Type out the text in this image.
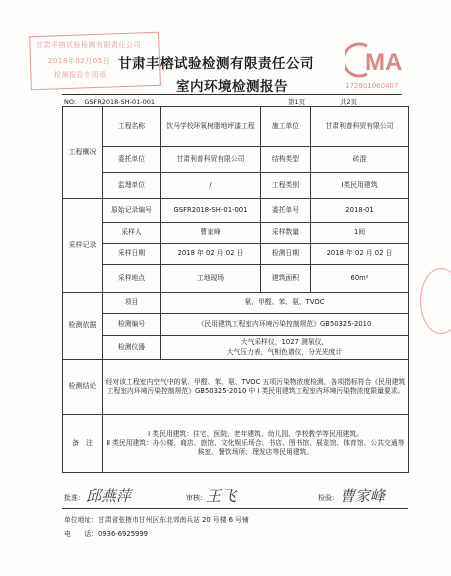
甘肃丰榕试验检测有限责任公司
2018年02月05日
检测报告专用章	MA
172801060407
甘肃丰榕试验检测有限责任公司
室内环境检测报告
NO: GSFR2018-SH-01-001	第1页	共2页
工程概况	工程名称	饮马学校环氧树脂地坪漆工程	施工单位	甘肃利普科贸有限公司
	委托单位	甘肃利普科贸有限公司	结构类型	砖混
	监理单位	/	工程类别	Ⅰ类民用建筑
采样记录	原始记录编号	GSFR2018-SH-01-001	委托单号	2018-01
	采样人	曹家峰	采样数量	1间
	采样日期	2018 年 02 月 02 日	检测日期	2018 年 02 月 02 日
	采样地点	工地现场	建筑面积	60m²
检测依据	项目	氡、甲醛、苯、氨、TVOC		
	检测编号	《民用建筑工程室内环境污染控制规范》GB50325-2010		
	检测仪器	大气采样仪，1027 测氡仪，
大气压力表，气相色谱仪，分光光度计		

检测结论	经对该工程室内空气中的氡、甲醛、苯、氨、TVOC 五项污染物浓度检测，各项指标符合《民用建筑工程室内环境污染控制规范》GB50325-2010 中 Ⅰ 类民用建筑工程室内环境污染物浓度限量要求。			
备　注	Ⅰ 类民用建筑：住宅、医院、老年建筑、幼儿园、学校教学等民用建筑。
Ⅱ 类民用建筑：办公楼、商店、旅馆、文化娱乐场合、书店、图书馆、展览馆、体育馆、公共交通等候室、餐饮场所、理发店等民用建筑。			
批准: 邱燕萍	审核: 王飞	检验: 曹家峰
单位地址：甘肃省张掖市甘州区东北郊南兵站 20 号楼 6 号铺
电　　话：0936-6925999
